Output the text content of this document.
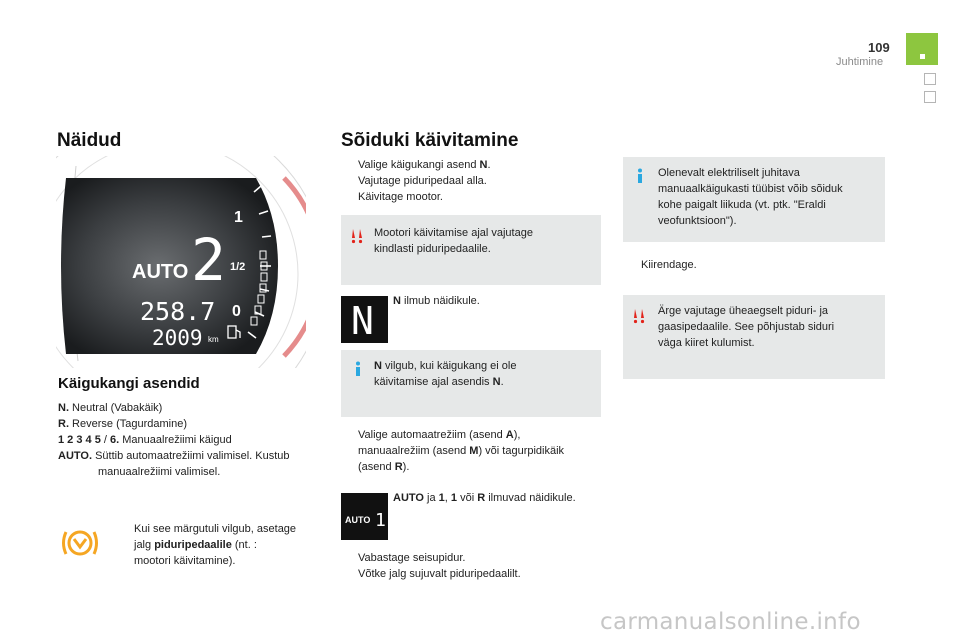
109
Juhtimine
Näidud
1
1/2
0
AUTO 2
258.7
2009 km
Käigukangi asendid
N. Neutral (Vabakäik)
R. Reverse (Tagurdamine)
1 2 3 4 5 / 6. Manuaalrežiimi käigud
AUTO. Süttib automaatrežiimi valimisel. Kustub
manuaalrežiimi valimisel.
Kui see märgutuli vilgub, asetage
jalg piduripedaalile (nt. :
mootori käivitamine).
Sõiduki käivitamine
Valige käigukangi asend N.
Vajutage piduripedaal alla.
Käivitage mootor.
Mootori käivitamise ajal vajutage
kindlasti piduripedaalile.
N N ilmub näidikule.
N vilgub, kui käigukang ei ole
käivitamise ajal asendis N.
Valige automaatrežiim (asend A),
manuaalrežiim (asend M) või tagurpidikäik
(asend R).
AUTO 1
AUTO ja 1, 1 või R ilmuvad näidikule.
Vabastage seisupidur.
Võtke jalg sujuvalt piduripedaalilt.
Olenevalt elektriliselt juhitava
manuaalkäigukasti tüübist võib sõiduk
kohe paigalt liikuda (vt. ptk. "Eraldi
veofunktsioon").
Kiirendage.
Ärge vajutage üheaegselt piduri- ja
gaasipedaalile. See põhjustab siduri
väga kiiret kulumist.
carmanualsonline.info
